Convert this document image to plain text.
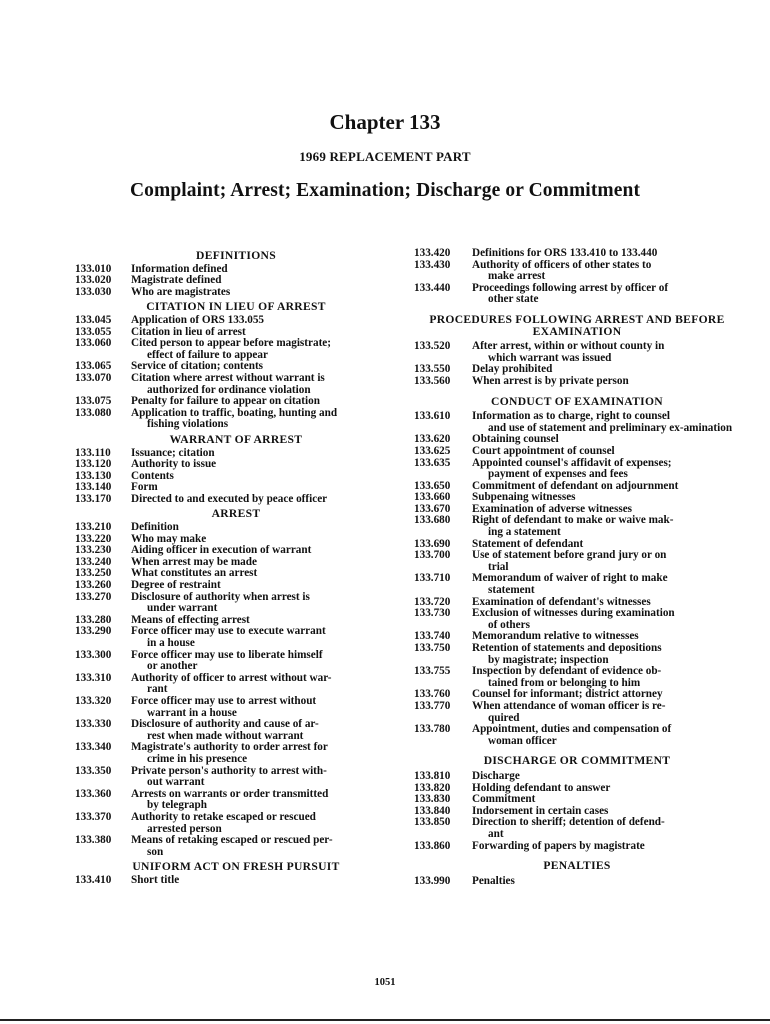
Chapter 133
1969 REPLACEMENT PART
Complaint; Arrest; Examination; Discharge or Commitment
DEFINITIONS
133.010	Information defined
133.020	Magistrate defined
133.030	Who are magistrates
CITATION IN LIEU OF ARREST
133.045	Application of ORS 133.055
133.055	Citation in lieu of arrest
133.060	Cited person to appear before magistrate;
effect of failure to appear
133.065	Service of citation; contents
133.070	Citation where arrest without warrant is
authorized for ordinance violation
133.075	Penalty for failure to appear on citation
133.080	Application to traffic, boating, hunting and
fishing violations
WARRANT OF ARREST
133.110	Issuance; citation
133.120	Authority to issue
133.130	Contents
133.140	Form
133.170	Directed to and executed by peace officer
ARREST
133.210	Definition
133.220	Who may make
133.230	Aiding officer in execution of warrant
133.240	When arrest may be made
133.250	What constitutes an arrest
133.260	Degree of restraint
133.270	Disclosure of authority when arrest is
under warrant
133.280	Means of effecting arrest
133.290	Force officer may use to execute warrant
in a house
133.300	Force officer may use to liberate himself
or another
133.310	Authority of officer to arrest without war-
rant
133.320	Force officer may use to arrest without
warrant in a house
133.330	Disclosure of authority and cause of ar-
rest when made without warrant
133.340	Magistrate's authority to order arrest for
crime in his presence
133.350	Private person's authority to arrest with-
out warrant
133.360	Arrests on warrants or order transmitted
by telegraph
133.370	Authority to retake escaped or rescued
arrested person
133.380	Means of retaking escaped or rescued per-
son
UNIFORM ACT ON FRESH PURSUIT
133.410	Short title
133.420	Definitions for ORS 133.410 to 133.440
133.430	Authority of officers of other states to
make arrest
133.440	Proceedings following arrest by officer of
other state
PROCEDURES FOLLOWING ARREST AND BEFORE EXAMINATION
133.520	After arrest, within or without county in
which warrant was issued
133.550	Delay prohibited
133.560	When arrest is by private person
CONDUCT OF EXAMINATION
133.610	Information as to charge, right to counsel
and use of statement and preliminary ex-amination
133.620	Obtaining counsel
133.625	Court appointment of counsel
133.635	Appointed counsel's affidavit of expenses;
payment of expenses and fees
133.650	Commitment of defendant on adjournment
133.660	Subpenaing witnesses
133.670	Examination of adverse witnesses
133.680	Right of defendant to make or waive mak-
ing a statement
133.690	Statement of defendant
133.700	Use of statement before grand jury or on
trial
133.710	Memorandum of waiver of right to make
statement
133.720	Examination of defendant's witnesses
133.730	Exclusion of witnesses during examination
of others
133.740	Memorandum relative to witnesses
133.750	Retention of statements and depositions
by magistrate; inspection
133.755	Inspection by defendant of evidence ob-
tained from or belonging to him
133.760	Counsel for informant; district attorney
133.770	When attendance of woman officer is re-
quired
133.780	Appointment, duties and compensation of
woman officer
DISCHARGE OR COMMITMENT
133.810	Discharge
133.820	Holding defendant to answer
133.830	Commitment
133.840	Indorsement in certain cases
133.850	Direction to sheriff; detention of defend-
ant
133.860	Forwarding of papers by magistrate
PENALTIES
133.990	Penalties
1051
